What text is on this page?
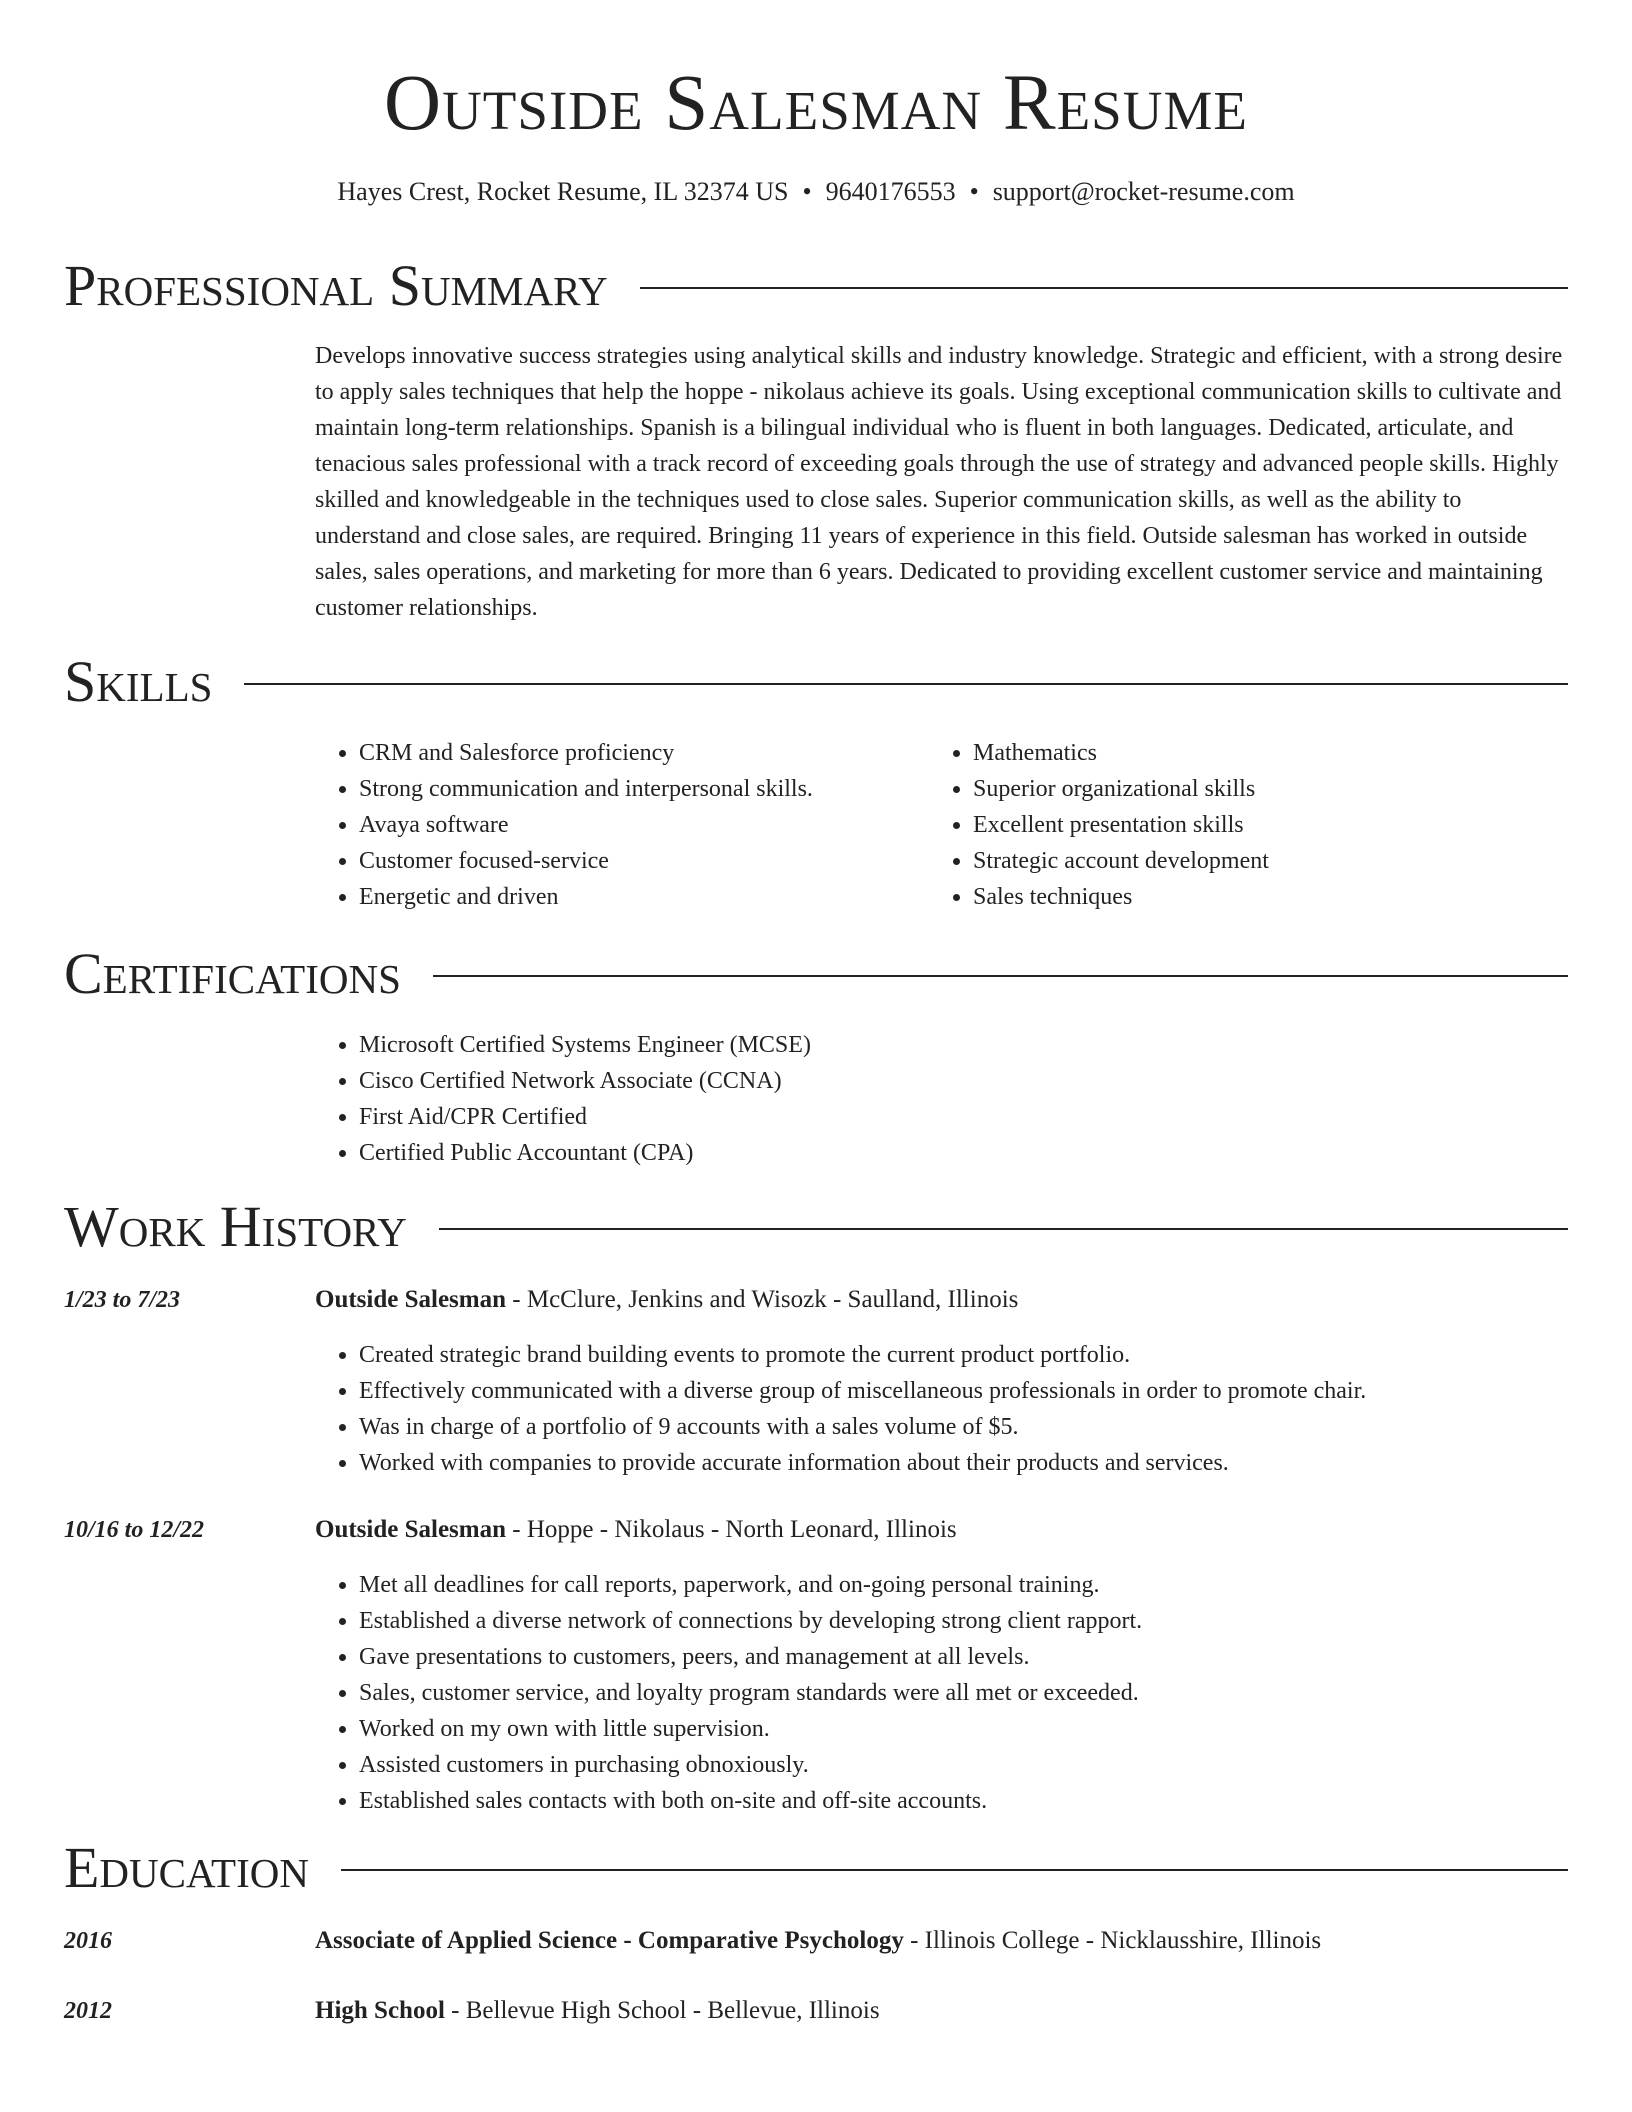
Outside Salesman Resume
Hayes Crest, Rocket Resume, IL 32374 US • 9640176553 • support@rocket-resume.com
Professional Summary

Develops innovative success strategies using analytical skills and industry knowledge. Strategic and efficient, with a strong desire to apply sales techniques that help the hoppe - nikolaus achieve its goals. Using exceptional communication skills to cultivate and maintain long-term relationships. Spanish is a bilingual individual who is fluent in both languages. Dedicated, articulate, and tenacious sales professional with a track record of exceeding goals through the use of strategy and advanced people skills. Highly skilled and knowledgeable in the techniques used to close sales. Superior communication skills, as well as the ability to understand and close sales, are required. Bringing 11 years of experience in this field. Outside salesman has worked in outside sales, sales operations, and marketing for more than 6 years. Dedicated to providing excellent customer service and maintaining customer relationships.

Skills
• CRM and Salesforce proficiency
• Strong communication and interpersonal skills.
• Avaya software
• Customer focused-service
• Energetic and driven
• Mathematics
• Superior organizational skills
• Excellent presentation skills
• Strategic account development
• Sales techniques
Certifications
• Microsoft Certified Systems Engineer (MCSE)
• Cisco Certified Network Associate (CCNA)
• First Aid/CPR Certified
• Certified Public Accountant (CPA)
Work History
1/23 to 7/23	Outside Salesman - McClure, Jenkins and Wisozk - Saulland, Illinois
• Created strategic brand building events to promote the current product portfolio.
• Effectively communicated with a diverse group of miscellaneous professionals in order to promote chair.
• Was in charge of a portfolio of 9 accounts with a sales volume of $5.
• Worked with companies to provide accurate information about their products and services.
10/16 to 12/22	Outside Salesman - Hoppe - Nikolaus - North Leonard, Illinois
• Met all deadlines for call reports, paperwork, and on-going personal training.
• Established a diverse network of connections by developing strong client rapport.
• Gave presentations to customers, peers, and management at all levels.
• Sales, customer service, and loyalty program standards were all met or exceeded.
• Worked on my own with little supervision.
• Assisted customers in purchasing obnoxiously.
• Established sales contacts with both on-site and off-site accounts.
Education
2016	Associate of Applied Science - Comparative Psychology - Illinois College - Nicklausshire, Illinois
2012	High School - Bellevue High School - Bellevue, Illinois
